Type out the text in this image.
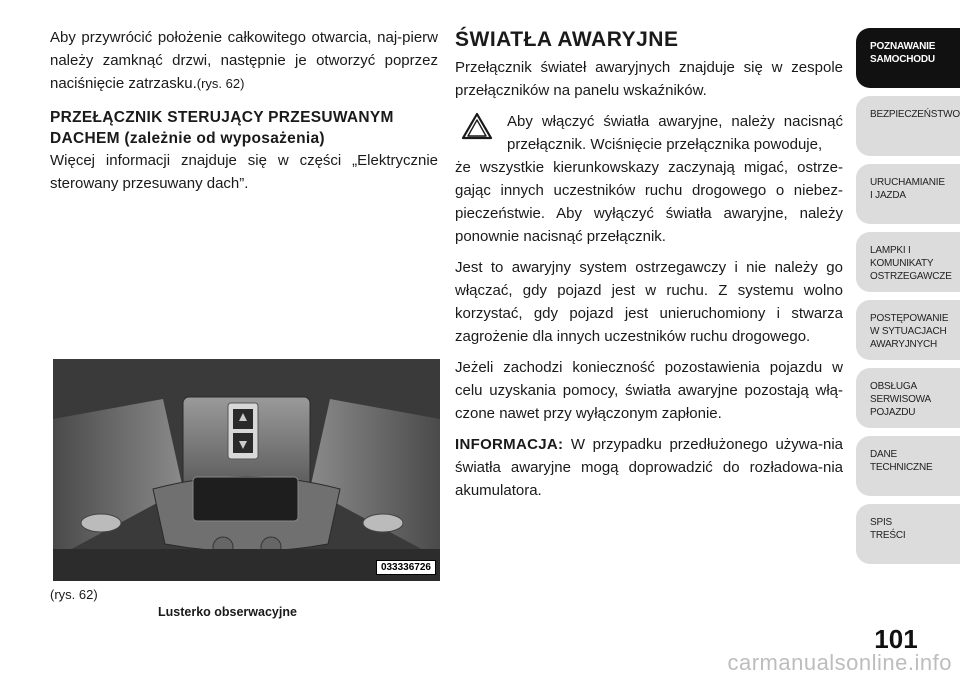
Aby przywrócić położenie całkowitego otwarcia, naj-pierw należy zamknąć drzwi, następnie je otworzyć poprzez naciśnięcie zatrzasku.(rys. 62)

PRZEŁĄCZNIK STERUJĄCY PRZESUWANYM DACHEM (zależnie od wyposażenia)

Więcej informacji znajduje się w części „Elektrycznie sterowany przesuwany dach”.

033336726
(rys. 62)
Lusterko obserwacyjne
ŚWIATŁA AWARYJNE

Przełącznik świateł awaryjnych znajduje się w zespole przełączników na panelu wskaźników.

Aby włączyć światła awaryjne, należy nacisnąć przełącznik. Wciśnięcie przełącznika powoduje,

że wszystkie kierunkowskazy zaczynają migać, ostrze-gając innych uczestników ruchu drogowego o niebez-pieczeństwie. Aby wyłączyć światła awaryjne, należy ponownie nacisnąć przełącznik.

Jest to awaryjny system ostrzegawczy i nie należy go włączać, gdy pojazd jest w ruchu. Z systemu wolno korzystać, gdy pojazd jest unieruchomiony i stwarza zagrożenie dla innych uczestników ruchu drogowego.

Jeżeli zachodzi konieczność pozostawienia pojazdu w celu uzyskania pomocy, światła awaryjne pozostają włą-czone nawet przy wyłączonym zapłonie.

INFORMACJA: W przypadku przedłużonego używa-nia światła awaryjne mogą doprowadzić do rozładowa-nia akumulatora.

POZNAWANIE
SAMOCHODU
BEZPIECZEŃSTWO
URUCHAMIANIE
I JAZDA
LAMPKI I
KOMUNIKATY
OSTRZEGAWCZE
POSTĘPOWANIE
W SYTUACJACH
AWARYJNYCH
OBSŁUGA
SERWISOWA
POJAZDU
DANE
TECHNICZNE
SPIS
TREŚCI
101
carmanualsonline.info
